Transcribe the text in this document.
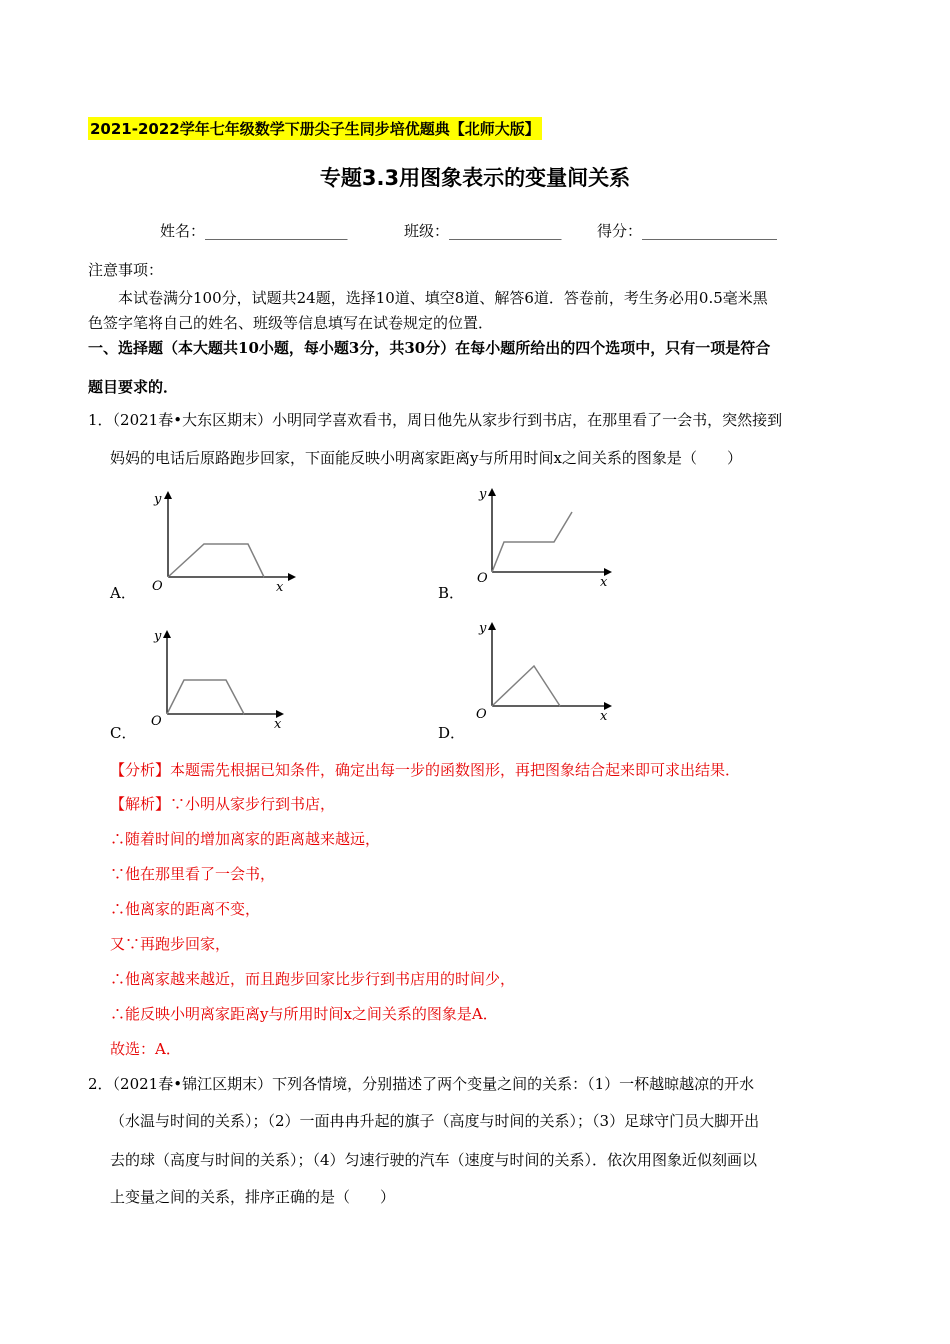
2021-2022学年七年级数学下册尖子生同步培优题典【北师大版】
专题3.3用图象表示的变量间关系
姓名：___________________	班级：_______________ 得分：__________________
注意事项：
本试卷满分100分，试题共24题，选择10道、填空8道、解答6道．答卷前，考生务必用0.5毫米黑
色签字笔将自己的姓名、班级等信息填写在试卷规定的位置．
一、选择题（本大题共10小题，每小题3分，共30分）在每小题所给出的四个选项中，只有一项是符合
题目要求的．
1．（2021春•大东区期末）小明同学喜欢看书，周日他先从家步行到书店，在那里看了一会书，突然接到
妈妈的电话后原路跑步回家，下面能反映小明离家距离y与所用时间x之间关系的图象是（　　）
y
x
O
A．
y
x
O
B．
y
x
O
C．
y
x
O
D．
【分析】本题需先根据已知条件，确定出每一步的函数图形，再把图象结合起来即可求出结果．
【解析】∵小明从家步行到书店，
∴随着时间的增加离家的距离越来越远，
∵他在那里看了一会书，
∴他离家的距离不变，
又∵再跑步回家，
∴他离家越来越近，而且跑步回家比步行到书店用的时间少，
∴能反映小明离家距离y与所用时间x之间关系的图象是A．
故选：A．
2．（2021春•锦江区期末）下列各情境，分别描述了两个变量之间的关系：（1）一杯越晾越凉的开水
（水温与时间的关系）；（2）一面冉冉升起的旗子（高度与时间的关系）；（3）足球守门员大脚开出
去的球（高度与时间的关系）；（4）匀速行驶的汽车（速度与时间的关系）．依次用图象近似刻画以
上变量之间的关系，排序正确的是（　　）
